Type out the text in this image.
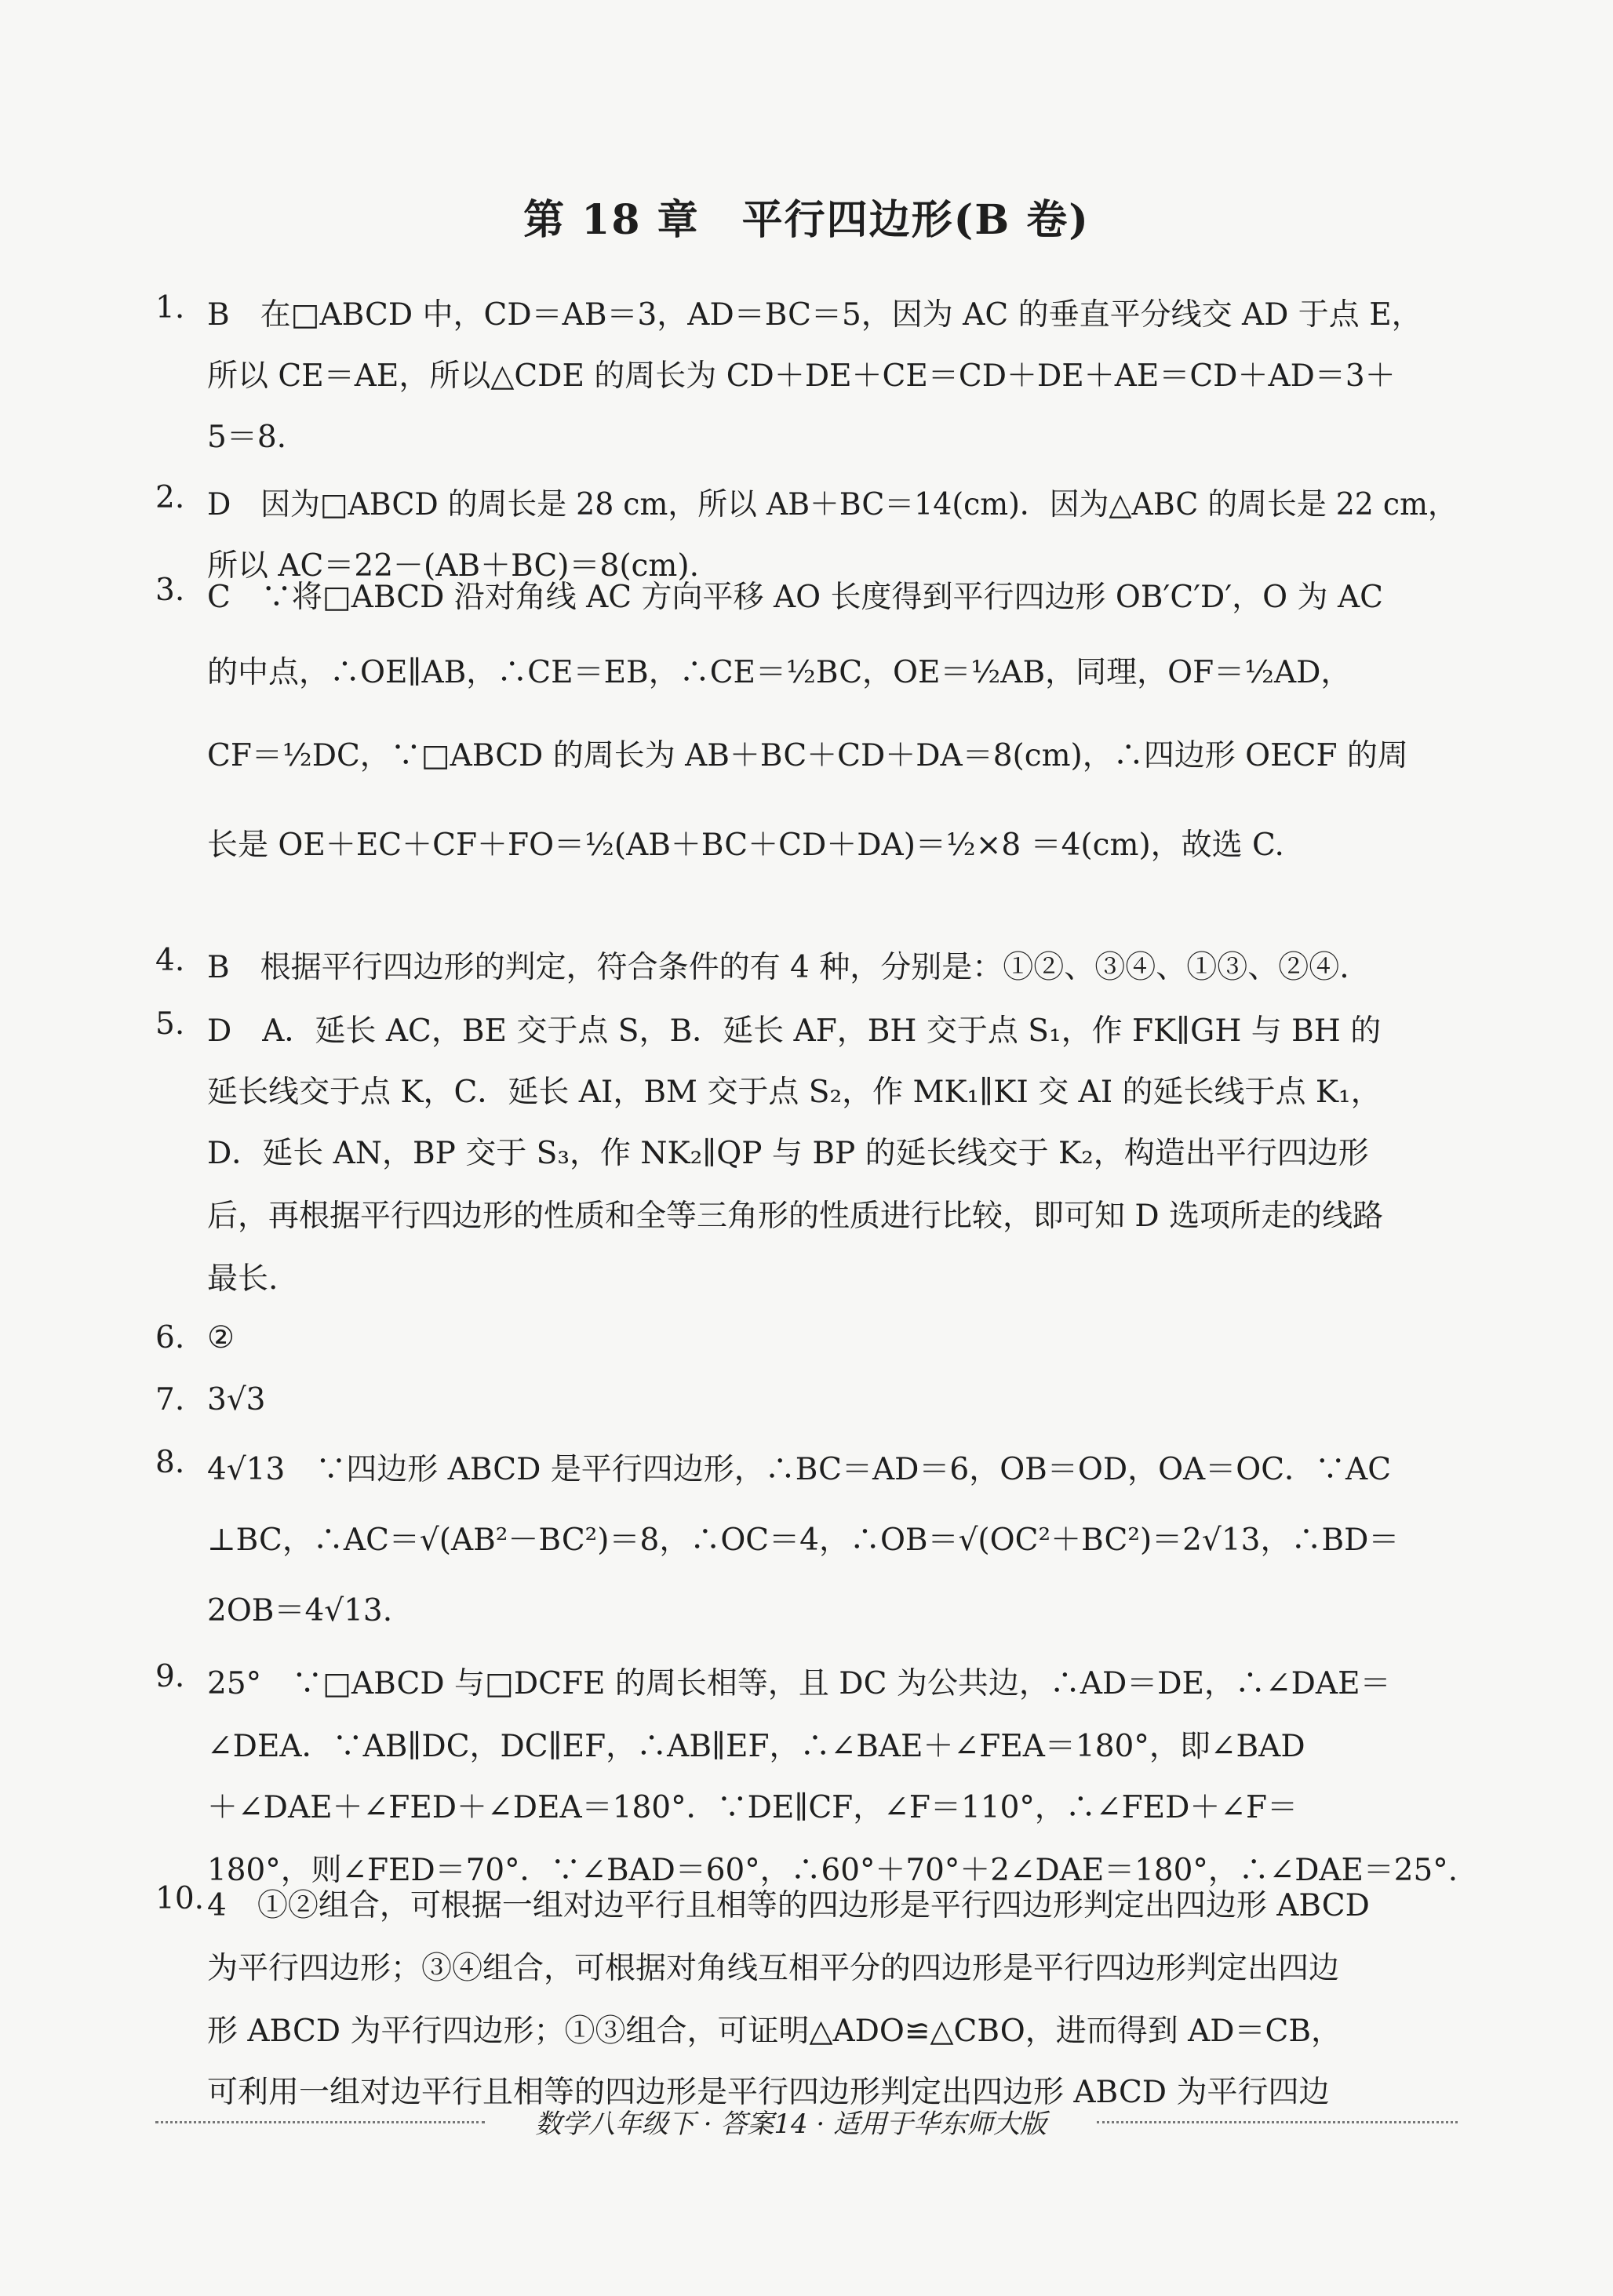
第 18 章　平行四边形(B 卷)
1. B　在□ABCD 中，CD＝AB＝3，AD＝BC＝5，因为 AC 的垂直平分线交 AD 于点 E，
所以 CE＝AE，所以△CDE 的周长为 CD＋DE＋CE＝CD＋DE＋AE＝CD＋AD＝3＋
5＝8.
2. D　因为□ABCD 的周长是 28 cm，所以 AB＋BC＝14(cm)．因为△ABC 的周长是 22 cm，
所以 AC＝22－(AB＋BC)＝8(cm).
3. C　∵将□ABCD 沿对角线 AC 方向平移 AO 长度得到平行四边形 OB′C′D′，O 为 AC
的中点，∴OE∥AB，∴CE＝EB，∴CE＝½BC，OE＝½AB，同理，OF＝½AD，
CF＝½DC，∵□ABCD 的周长为 AB＋BC＋CD＋DA＝8(cm)，∴四边形 OECF 的周
长是 OE＋EC＋CF＋FO＝½(AB＋BC＋CD＋DA)＝½×8 ＝4(cm)，故选 C.
4. B　根据平行四边形的判定，符合条件的有 4 种，分别是：①②、③④、①③、②④.
5. D　A．延长 AC，BE 交于点 S，B．延长 AF，BH 交于点 S₁，作 FK∥GH 与 BH 的
延长线交于点 K，C．延长 AI，BM 交于点 S₂，作 MK₁∥KI 交 AI 的延长线于点 K₁，
D．延长 AN，BP 交于 S₃，作 NK₂∥QP 与 BP 的延长线交于 K₂，构造出平行四边形
后，再根据平行四边形的性质和全等三角形的性质进行比较，即可知 D 选项所走的线路
最长.
6. ②
7. 3√3
8. 4√13　∵四边形 ABCD 是平行四边形，∴BC＝AD＝6，OB＝OD，OA＝OC．∵AC
⊥BC，∴AC＝√(AB²－BC²)＝8，∴OC＝4，∴OB＝√(OC²＋BC²)＝2√13，∴BD＝
2OB＝4√13.
9. 25°　∵□ABCD 与□DCFE 的周长相等，且 DC 为公共边，∴AD＝DE，∴∠DAE＝
∠DEA．∵AB∥DC，DC∥EF，∴AB∥EF，∴∠BAE＋∠FEA＝180°，即∠BAD
＋∠DAE＋∠FED＋∠DEA＝180°．∵DE∥CF，∠F＝110°，∴∠FED＋∠F＝
180°，则∠FED＝70°．∵∠BAD＝60°，∴60°＋70°＋2∠DAE＝180°，∴∠DAE＝25°.
10. 4　①②组合，可根据一组对边平行且相等的四边形是平行四边形判定出四边形 ABCD
为平行四边形；③④组合，可根据对角线互相平分的四边形是平行四边形判定出四边
形 ABCD 为平行四边形；①③组合，可证明△ADO≌△CBO，进而得到 AD＝CB，
可利用一组对边平行且相等的四边形是平行四边形判定出四边形 ABCD 为平行四边
数学八年级下 · 答案14 · 适用于华东师大版
